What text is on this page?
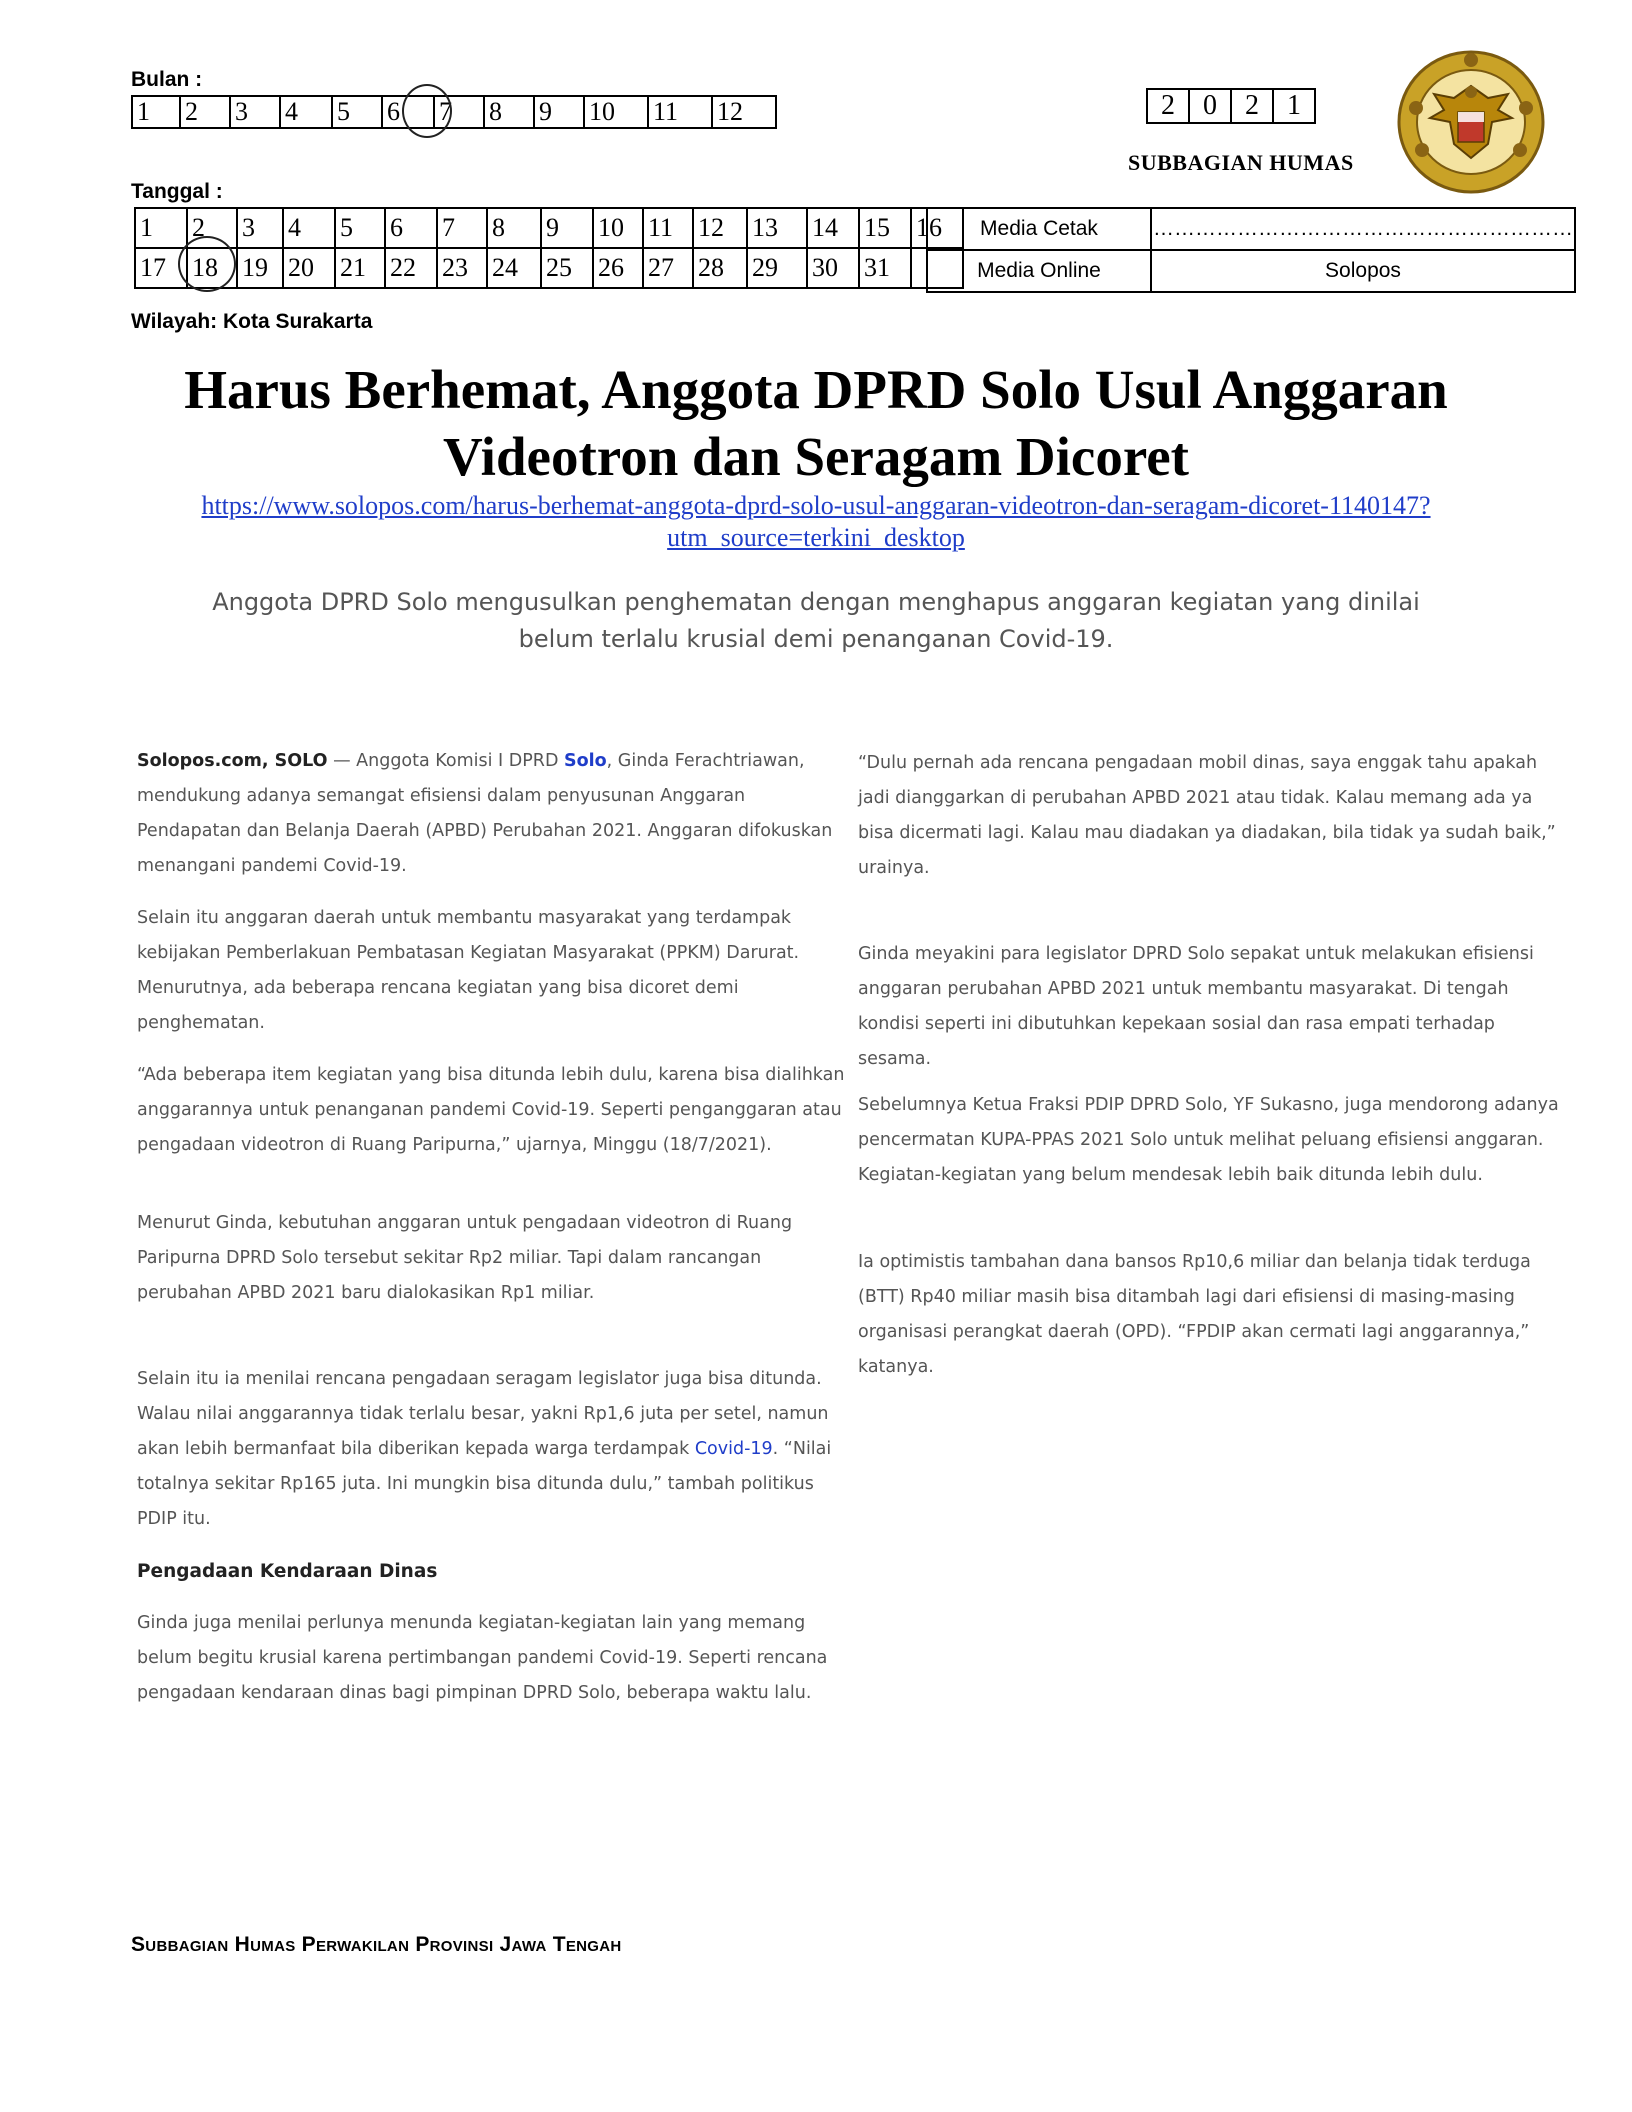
Bulan :
1	2	3	4	5	6	7	8	9	10	11	12
Tanggal :
1	2	3	4	5	6	7	8	9	10	11	12	13	14	15	16
17	18	19	20	21	22	23	24	25	26	27	28	29	30	31	
2	0	2	1
SUBBAGIAN HUMAS
Media Cetak	……………………………………………………
Media Online	Solopos
Wilayah: Kota Surakarta
Harus Berhemat, Anggota DPRD Solo Usul Anggaran Videotron dan Seragam Dicoret
https://www.solopos.com/harus-berhemat-anggota-dprd-solo-usul-anggaran-videotron-dan-seragam-dicoret-1140147?utm_source=terkini_desktop
Anggota DPRD Solo mengusulkan penghematan dengan menghapus anggaran kegiatan yang dinilai belum terlalu krusial demi penanganan Covid-19.

Solopos.com, SOLO — Anggota Komisi I DPRD Solo, Ginda Ferachtriawan, mendukung adanya semangat efisiensi dalam penyusunan Anggaran Pendapatan dan Belanja Daerah (APBD) Perubahan 2021. Anggaran difokuskan menangani pandemi Covid-19.

Selain itu anggaran daerah untuk membantu masyarakat yang terdampak kebijakan Pemberlakuan Pembatasan Kegiatan Masyarakat (PPKM) Darurat. Menurutnya, ada beberapa rencana kegiatan yang bisa dicoret demi penghematan.

“Ada beberapa item kegiatan yang bisa ditunda lebih dulu, karena bisa dialihkan anggarannya untuk penanganan pandemi Covid-19. Seperti penganggaran atau pengadaan videotron di Ruang Paripurna,” ujarnya, Minggu (18/7/2021).

Menurut Ginda, kebutuhan anggaran untuk pengadaan videotron di Ruang Paripurna DPRD Solo tersebut sekitar Rp2 miliar. Tapi dalam rancangan perubahan APBD 2021 baru dialokasikan Rp1 miliar.

Selain itu ia menilai rencana pengadaan seragam legislator juga bisa ditunda. Walau nilai anggarannya tidak terlalu besar, yakni Rp1,6 juta per setel, namun akan lebih bermanfaat bila diberikan kepada warga terdampak Covid-19. “Nilai totalnya sekitar Rp165 juta. Ini mungkin bisa ditunda dulu,” tambah politikus PDIP itu.

Pengadaan Kendaraan Dinas

Ginda juga menilai perlunya menunda kegiatan-kegiatan lain yang memang belum begitu krusial karena pertimbangan pandemi Covid-19. Seperti rencana pengadaan kendaraan dinas bagi pimpinan DPRD Solo, beberapa waktu lalu.

“Dulu pernah ada rencana pengadaan mobil dinas, saya enggak tahu apakah jadi dianggarkan di perubahan APBD 2021 atau tidak. Kalau memang ada ya bisa dicermati lagi. Kalau mau diadakan ya diadakan, bila tidak ya sudah baik,” urainya.

Ginda meyakini para legislator DPRD Solo sepakat untuk melakukan efisiensi anggaran perubahan APBD 2021 untuk membantu masyarakat. Di tengah kondisi seperti ini dibutuhkan kepekaan sosial dan rasa empati terhadap sesama.

Sebelumnya Ketua Fraksi PDIP DPRD Solo, YF Sukasno, juga mendorong adanya pencermatan KUPA-PPAS 2021 Solo untuk melihat peluang efisiensi anggaran. Kegiatan-kegiatan yang belum mendesak lebih baik ditunda lebih dulu.

Ia optimistis tambahan dana bansos Rp10,6 miliar dan belanja tidak terduga (BTT) Rp40 miliar masih bisa ditambah lagi dari efisiensi di masing-masing organisasi perangkat daerah (OPD). “FPDIP akan cermati lagi anggarannya,” katanya.

Subbagian Humas Perwakilan Provinsi Jawa Tengah
